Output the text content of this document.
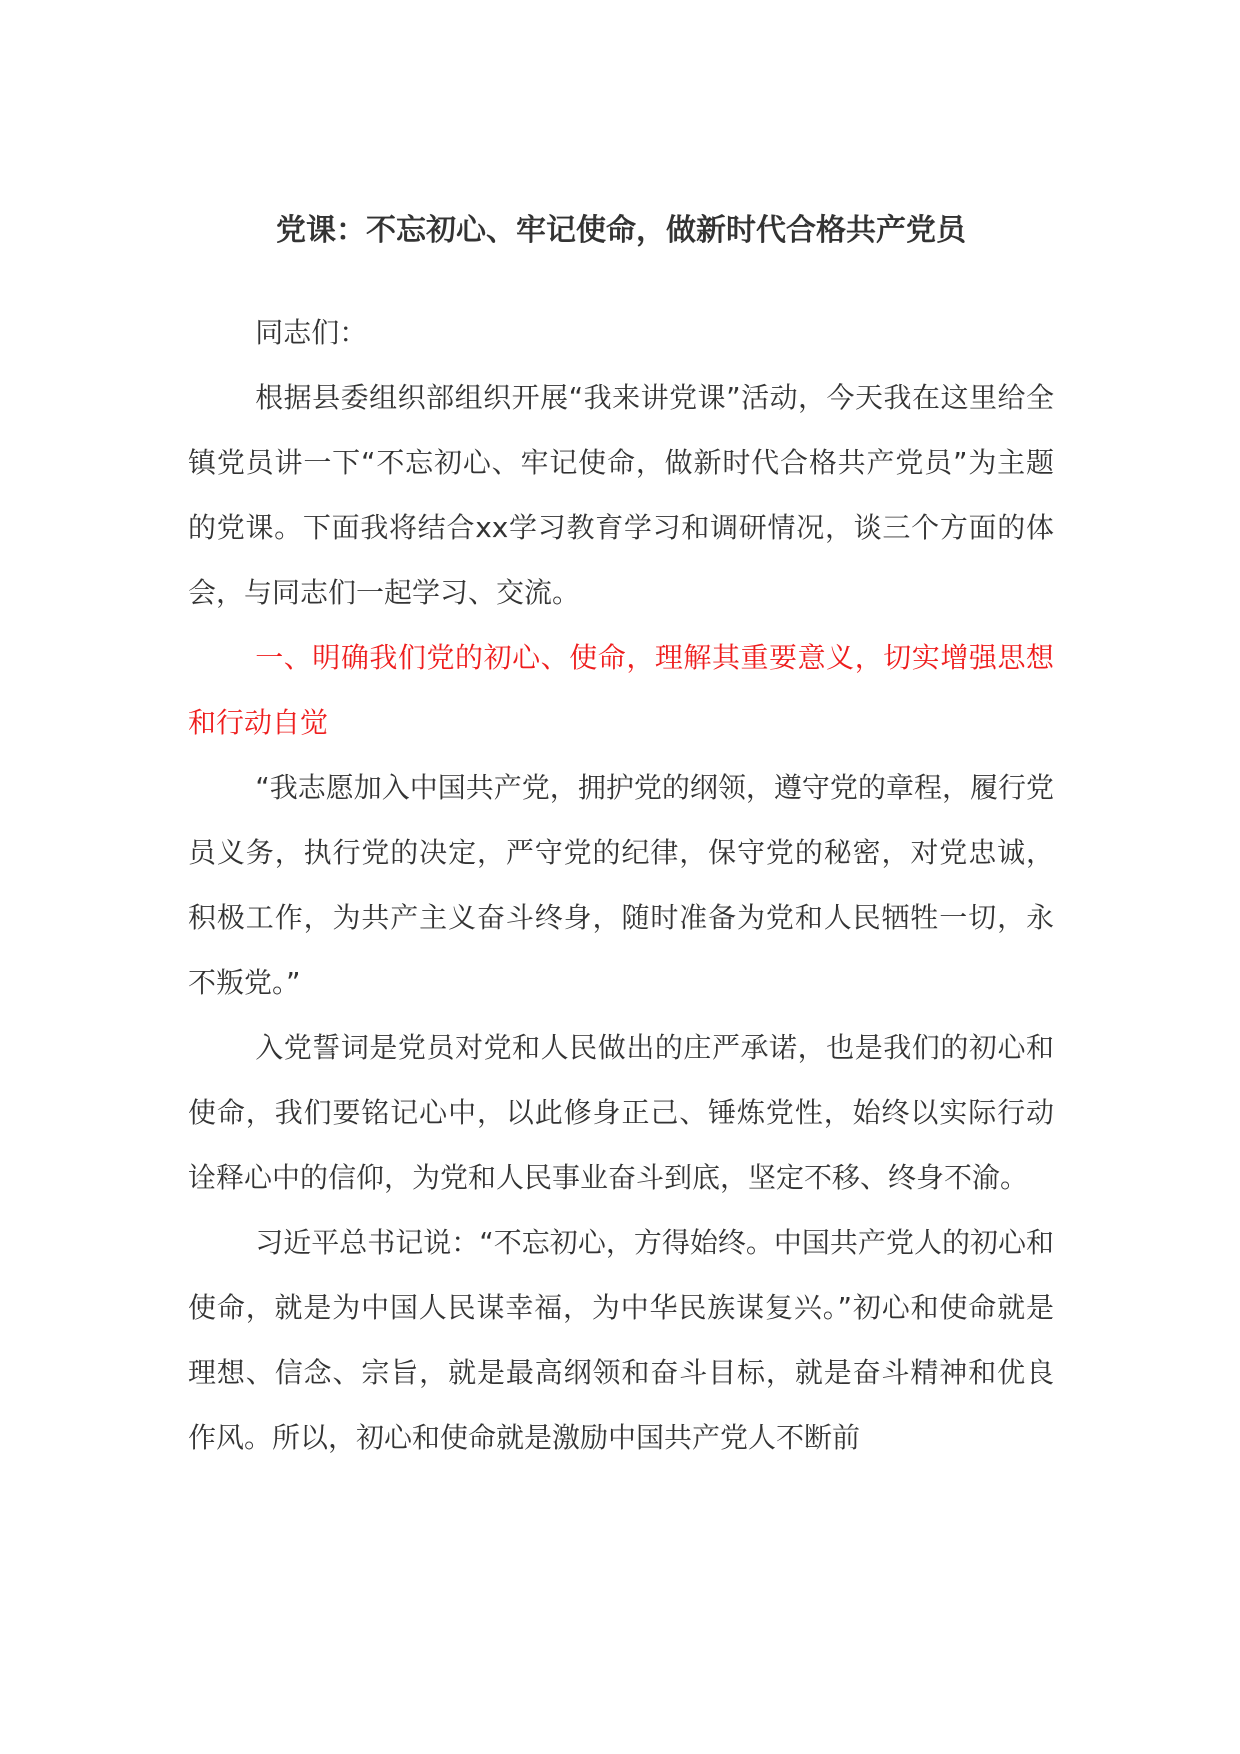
党课：不忘初心、牢记使命，做新时代合格共产党员

同志们：

根据县委组织部组织开展“我来讲党课”活动，今天我在这里给全镇党员讲一下“不忘初心、牢记使命，做新时代合格共产党员”为主题的党课。下面我将结合xx学习教育学习和调研情况，谈三个方面的体会，与同志们一起学习、交流。

一、明确我们党的初心、使命，理解其重要意义，切实增强思想和行动自觉

“我志愿加入中国共产党，拥护党的纲领，遵守党的章程，履行党员义务，执行党的决定，严守党的纪律，保守党的秘密，对党忠诚，积极工作，为共产主义奋斗终身，随时准备为党和人民牺牲一切，永不叛党。”

入党誓词是党员对党和人民做出的庄严承诺，也是我们的初心和使命，我们要铭记心中，以此修身正己、锤炼党性，始终以实际行动诠释心中的信仰，为党和人民事业奋斗到底，坚定不移、终身不渝。

习近平总书记说：“不忘初心，方得始终。中国共产党人的初心和使命，就是为中国人民谋幸福，为中华民族谋复兴。”初心和使命就是理想、信念、宗旨，就是最高纲领和奋斗目标，就是奋斗精神和优良作风。所以，初心和使命就是激励中国共产党人不断前
